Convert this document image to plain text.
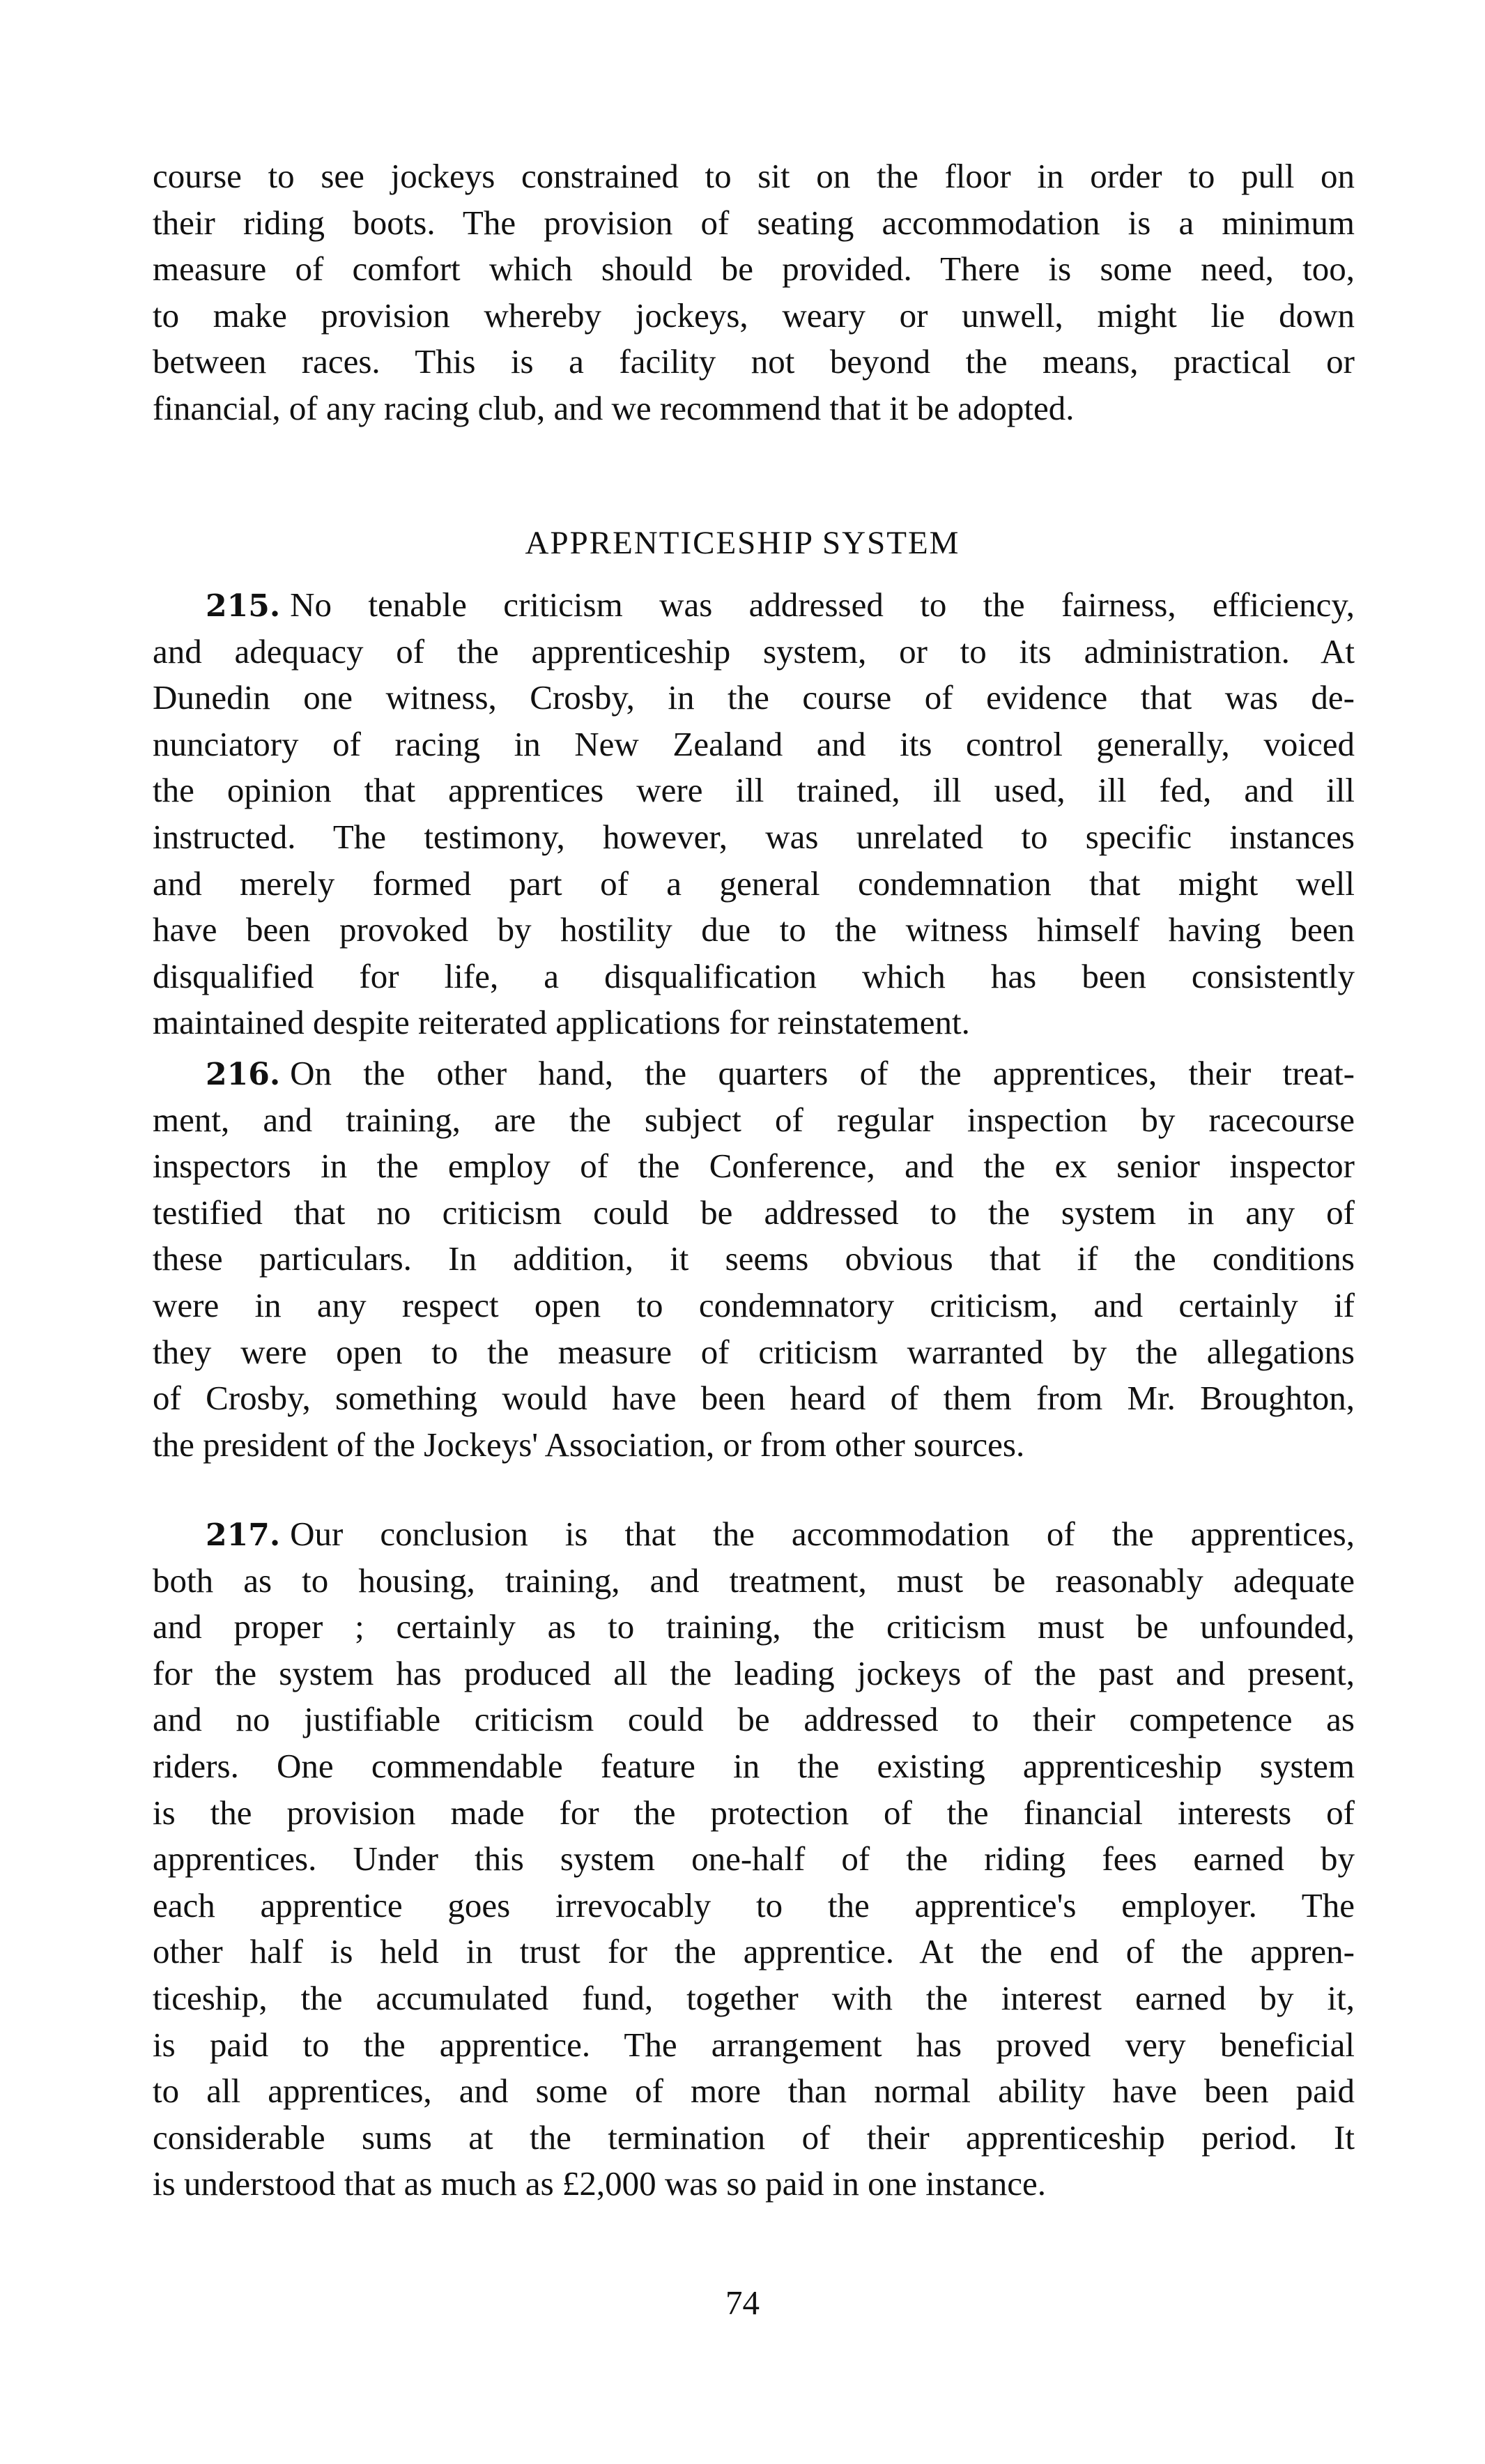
course to see jockeys constrained to sit on the floor in order to pull on
their riding boots. The provision of seating accommodation is a minimum
measure of comfort which should be provided. There is some need, too,
to make provision whereby jockeys, weary or unwell, might lie down
between races. This is a facility not beyond the means, practical or
financial, of any racing club, and we recommend that it be adopted.
APPRENTICESHIP SYSTEM
215. No tenable criticism was addressed to the fairness, efficiency,
and adequacy of the apprenticeship system, or to its administration. At
Dunedin one witness, Crosby, in the course of evidence that was de-
nunciatory of racing in New Zealand and its control generally, voiced
the opinion that apprentices were ill trained, ill used, ill fed, and ill
instructed. The testimony, however, was unrelated to specific instances
and merely formed part of a general condemnation that might well
have been provoked by hostility due to the witness himself having been
disqualified for life, a disqualification which has been consistently
maintained despite reiterated applications for reinstatement.
216. On the other hand, the quarters of the apprentices, their treat-
ment, and training, are the subject of regular inspection by racecourse
inspectors in the employ of the Conference, and the ex senior inspector
testified that no criticism could be addressed to the system in any of
these particulars. In addition, it seems obvious that if the conditions
were in any respect open to condemnatory criticism, and certainly if
they were open to the measure of criticism warranted by the allegations
of Crosby, something would have been heard of them from Mr. Broughton,
the president of the Jockeys' Association, or from other sources.
217. Our conclusion is that the accommodation of the apprentices,
both as to housing, training, and treatment, must be reasonably adequate
and proper ; certainly as to training, the criticism must be unfounded,
for the system has produced all the leading jockeys of the past and present,
and no justifiable criticism could be addressed to their competence as
riders. One commendable feature in the existing apprenticeship system
is the provision made for the protection of the financial interests of
apprentices. Under this system one-half of the riding fees earned by
each apprentice goes irrevocably to the apprentice's employer. The
other half is held in trust for the apprentice. At the end of the appren-
ticeship, the accumulated fund, together with the interest earned by it,
is paid to the apprentice. The arrangement has proved very beneficial
to all apprentices, and some of more than normal ability have been paid
considerable sums at the termination of their apprenticeship period. It
is understood that as much as £2,000 was so paid in one instance.
74
